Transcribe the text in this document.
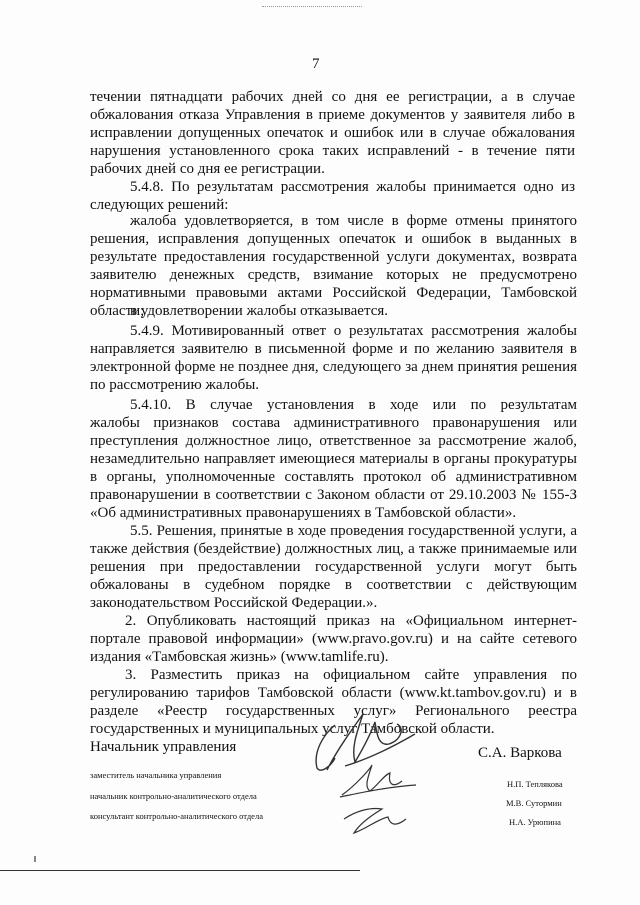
7
течении пятнадцати рабочих дней со дня ее регистрации, а в случае
обжалования отказа Управления в приеме документов у заявителя либо в
исправлении допущенных опечаток и ошибок или в случае обжалования
нарушения установленного срока таких исправлений - в течение пяти
рабочих дней со дня ее регистрации.
5.4.8. По результатам рассмотрения жалобы принимается одно из
следующих решений:
жалоба удовлетворяется, в том числе в форме отмены принятого
решения, исправления допущенных опечаток и ошибок в выданных в
результате предоставления государственной услуги документах, возврата
заявителю денежных средств, взимание которых не предусмотрено
нормативными правовыми актами Российской Федерации, Тамбовской
области;
в удовлетворении жалобы отказывается.
5.4.9. Мотивированный ответ о результатах рассмотрения жалобы
направляется заявителю в письменной форме и по желанию заявителя в
электронной форме не позднее дня, следующего за днем принятия решения
по рассмотрению жалобы.
5.4.10. В случае установления в ходе или по результатам
жалобы признаков состава административного правонарушения или
преступления должностное лицо, ответственное за рассмотрение жалоб,
незамедлительно направляет имеющиеся материалы в органы прокуратуры
в органы, уполномоченные составлять протокол об административном
правонарушении в соответствии с Законом области от 29.10.2003 № 155-З
«Об административных правонарушениях в Тамбовской области».
5.5. Решения, принятые в ходе проведения государственной услуги, а
также действия (бездействие) должностных лиц, а также принимаемые или
решения при предоставлении государственной услуги могут быть
обжалованы в судебном порядке в соответствии с действующим
законодательством Российской Федерации.».
2. Опубликовать настоящий приказ на «Официальном интернет-
портале правовой информации» (www.pravo.gov.ru) и на сайте сетевого
издания «Тамбовская жизнь» (www.tamlife.ru).
3. Разместить приказ на официальном сайте управления по
регулированию тарифов Тамбовской области (www.kt.tambov.gov.ru) и в
разделе «Реестр государственных услуг» Регионального реестра
государственных и муниципальных услуг Тамбовской области.
Начальник управления	С.А. Варкова
заместитель начальника управления
начальник контрольно-аналитического отдела
консультант контрольно-аналитического отдела
Н.П. Теплякова
М.В. Сутормин
Н.А. Урюпина
